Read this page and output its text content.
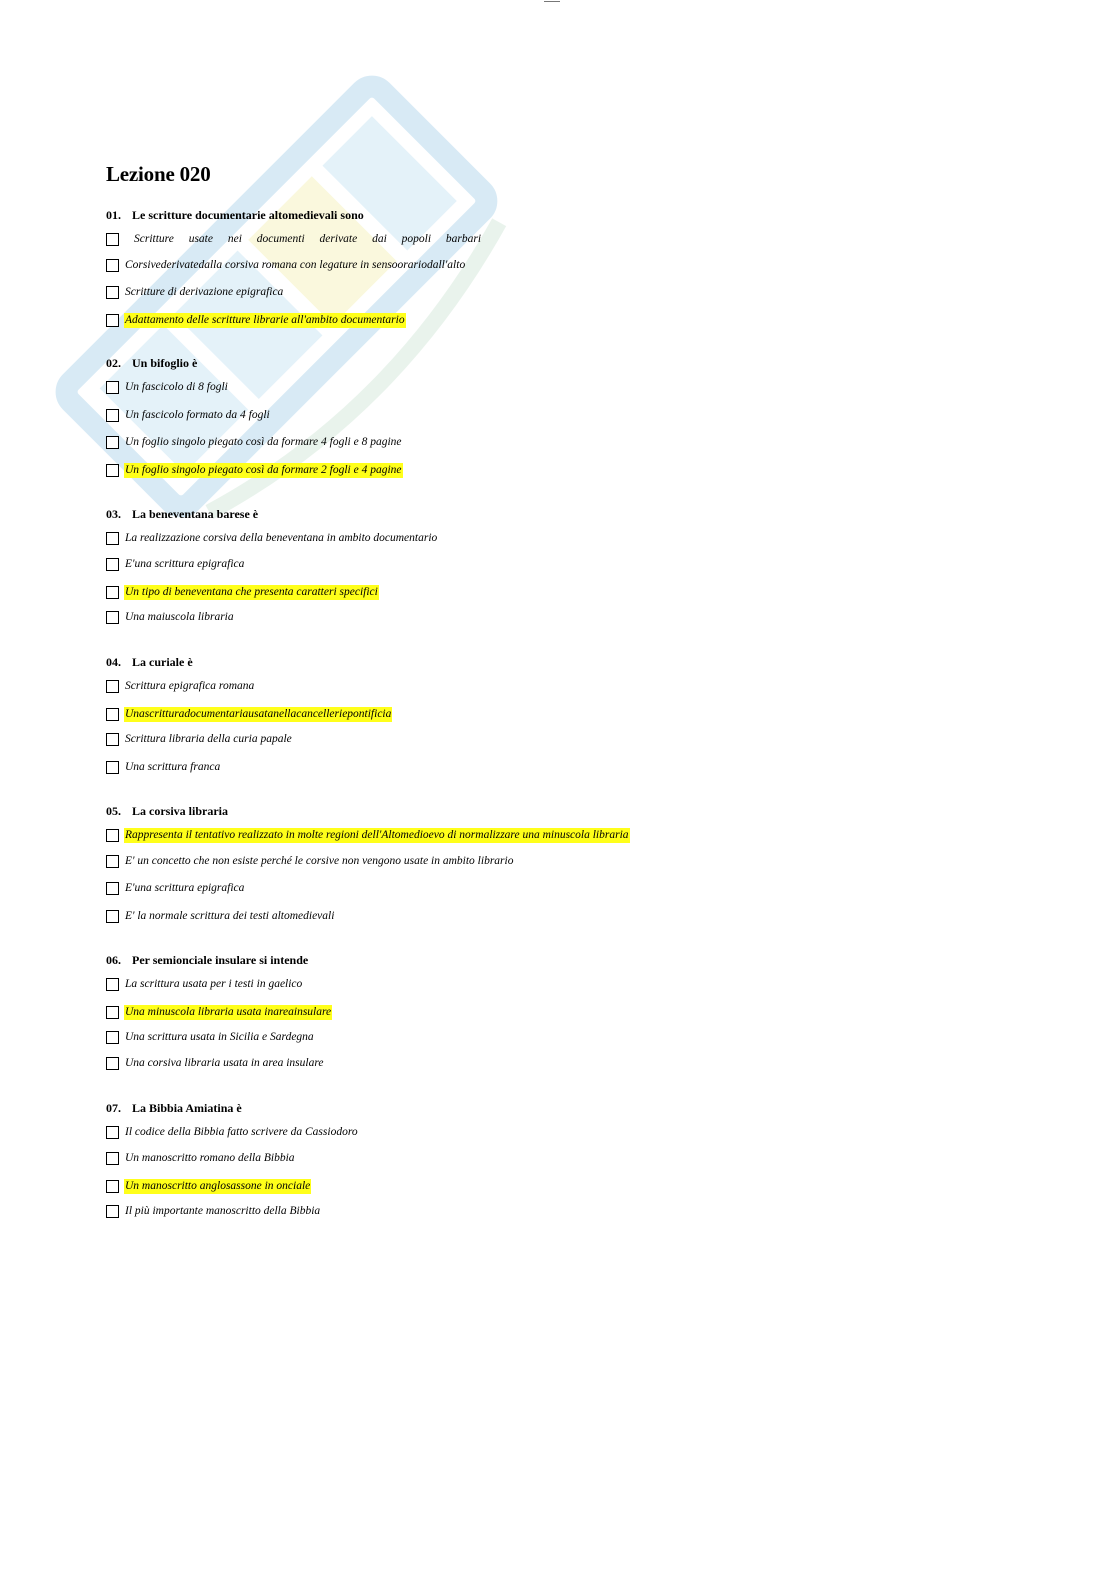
Lezione 020
01. Le scritture documentarie altomedievali sono
Scritture usate nei documenti derivate dai popoli barbari
Corsivederivatedalla corsiva romana con legature in sensoorariodall'alto
Scritture di derivazione epigrafica
Adattamento delle scritture librarie all'ambito documentario
02. Un bifoglio è
Un fascicolo di 8 fogli
Un fascicolo formato da 4 fogli
Un foglio singolo piegato così da formare 4 fogli e 8 pagine
Un foglio singolo piegato così da formare 2 fogli e 4 pagine
03. La beneventana barese è
La realizzazione corsiva della beneventana in ambito documentario
E'una scrittura epigrafica
Un tipo di beneventana che presenta caratteri specifici
Una maiuscola libraria
04. La curiale è
Scrittura epigrafica romana
Unascritturadocumentariausatanellacancelleriepontificia
Scrittura libraria della curia papale
Una scrittura franca
05. La corsiva libraria
Rappresenta il tentativo realizzato in molte regioni dell'Altomedioevo di normalizzare una minuscola libraria
E' un concetto che non esiste perché le corsive non vengono usate in ambito librario
E'una scrittura epigrafica
E' la normale scrittura dei testi altomedievali
06. Per semionciale insulare si intende
La scrittura usata per i testi in gaelico
Una minuscola libraria usata inareainsulare
Una scrittura usata in Sicilia e Sardegna
Una corsiva libraria usata in area insulare
07. La Bibbia Amiatina è
Il codice della Bibbia fatto scrivere da Cassiodoro
Un manoscritto romano della Bibbia
Un manoscritto anglosassone in onciale
Il più importante manoscritto della Bibbia
